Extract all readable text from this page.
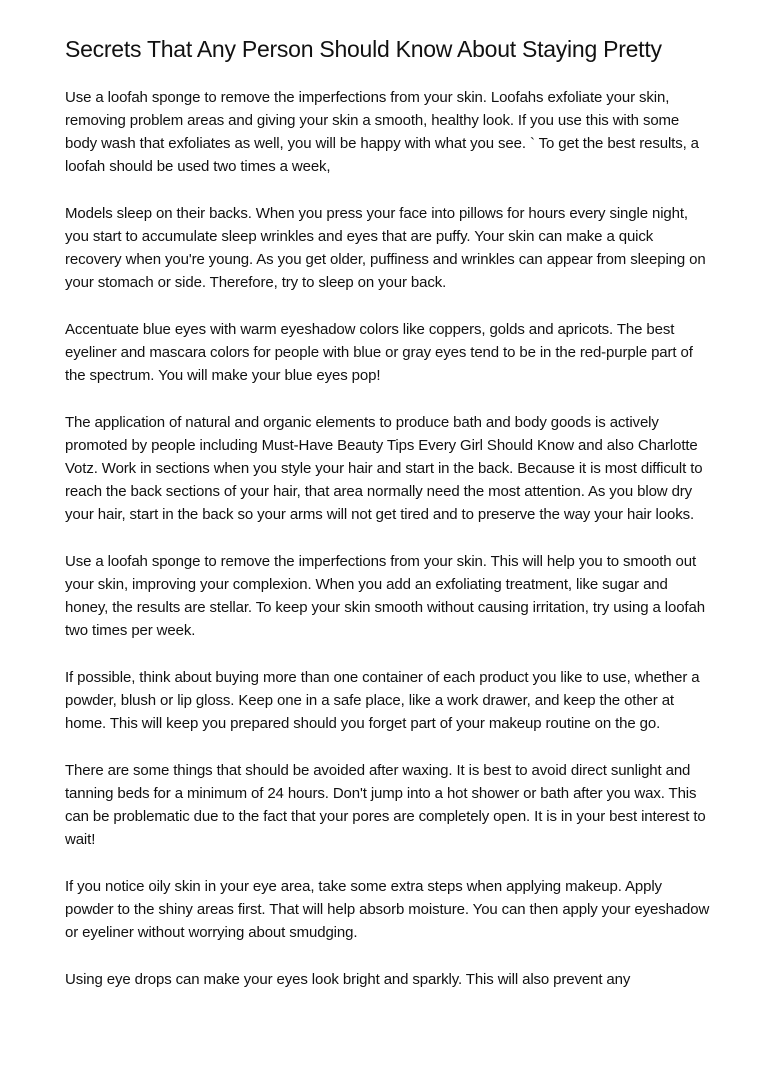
Secrets That Any Person Should Know About Staying Pretty

Use a loofah sponge to remove the imperfections from your skin. Loofahs exfoliate your skin, removing problem areas and giving your skin a smooth, healthy look. If you use this with some body wash that exfoliates as well, you will be happy with what you see. ` To get the best results, a loofah should be used two times a week,

Models sleep on their backs. When you press your face into pillows for hours every single night, you start to accumulate sleep wrinkles and eyes that are puffy. Your skin can make a quick recovery when you're young. As you get older, puffiness and wrinkles can appear from sleeping on your stomach or side. Therefore, try to sleep on your back.

Accentuate blue eyes with warm eyeshadow colors like coppers, golds and apricots. The best eyeliner and mascara colors for people with blue or gray eyes tend to be in the red-purple part of the spectrum. You will make your blue eyes pop!

The application of natural and organic elements to produce bath and body goods is actively promoted by people including Must-Have Beauty Tips Every Girl Should Know and also Charlotte Votz. Work in sections when you style your hair and start in the back. Because it is most difficult to reach the back sections of your hair, that area normally need the most attention. As you blow dry your hair, start in the back so your arms will not get tired and to preserve the way your hair looks.

Use a loofah sponge to remove the imperfections from your skin. This will help you to smooth out your skin, improving your complexion. When you add an exfoliating treatment, like sugar and honey, the results are stellar. To keep your skin smooth without causing irritation, try using a loofah two times per week.

If possible, think about buying more than one container of each product you like to use, whether a powder, blush or lip gloss. Keep one in a safe place, like a work drawer, and keep the other at home. This will keep you prepared should you forget part of your makeup routine on the go.

There are some things that should be avoided after waxing. It is best to avoid direct sunlight and tanning beds for a minimum of 24 hours. Don't jump into a hot shower or bath after you wax. This can be problematic due to the fact that your pores are completely open. It is in your best interest to wait!

If you notice oily skin in your eye area, take some extra steps when applying makeup. Apply powder to the shiny areas first. That will help absorb moisture. You can then apply your eyeshadow or eyeliner without worrying about smudging.

Using eye drops can make your eyes look bright and sparkly. This will also prevent any
